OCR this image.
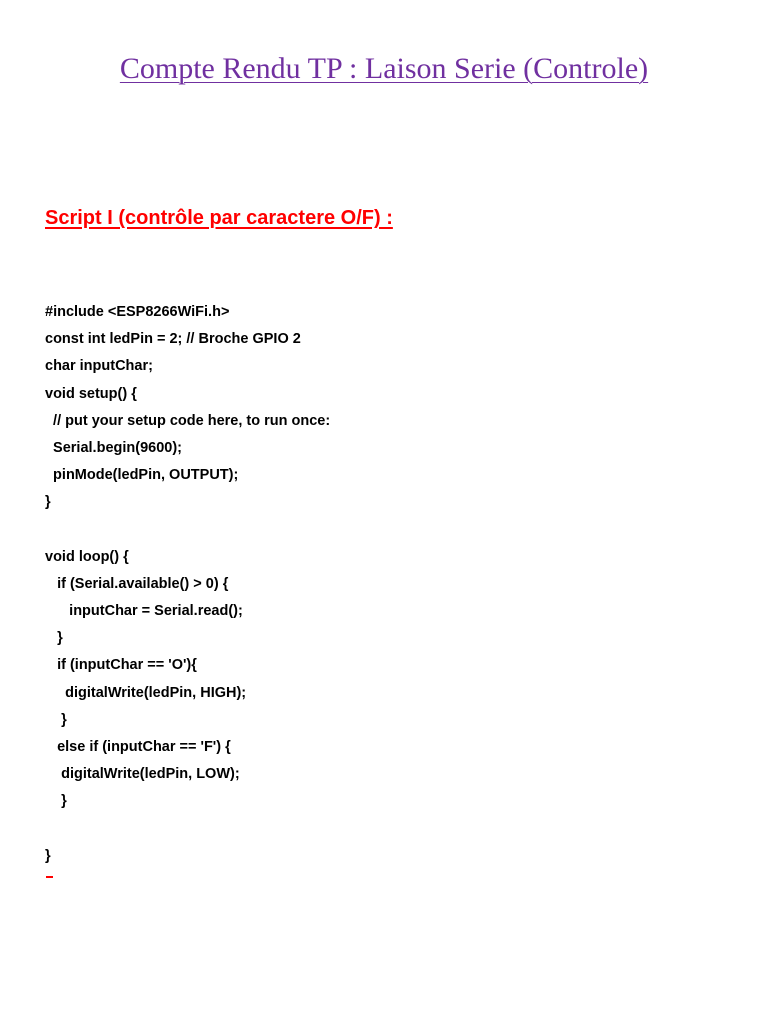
Compte Rendu TP : Laison Serie (Controle)
Script I (contrôle par caractere O/F) :
#include <ESP8266WiFi.h>
const int ledPin = 2; // Broche GPIO 2
char inputChar;
void setup() {
// put your setup code here, to run once:
Serial.begin(9600);
pinMode(ledPin, OUTPUT);
}
void loop() {
if (Serial.available() > 0) {
inputChar = Serial.read();
}
if (inputChar == 'O'){
digitalWrite(ledPin, HIGH);
}
else if (inputChar == 'F') {
digitalWrite(ledPin, LOW);
}
}
